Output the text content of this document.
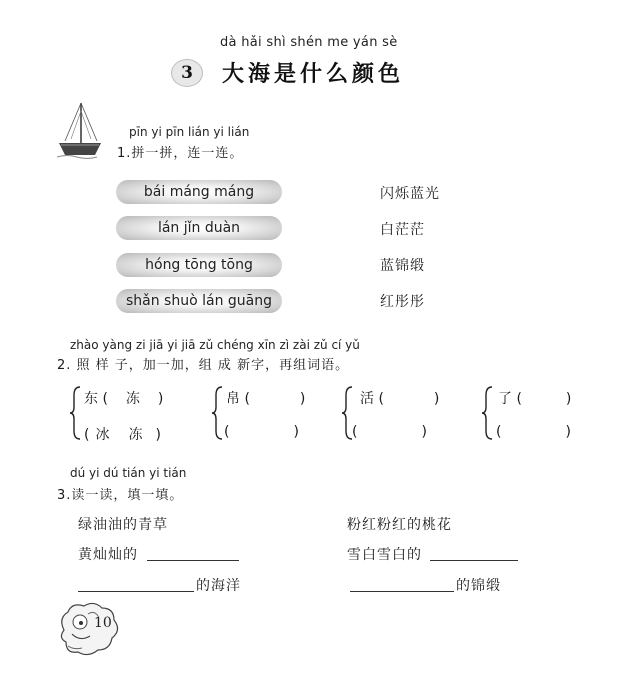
dà hǎi shì shén me yán sè
3	大海是什么颜色
pīn yi pīn lián yi lián
1.拼一拼，连一连。
bái máng máng
lán jǐn duàn
hóng tōng tōng
shǎn shuò lán guāng
闪烁蓝光
白茫茫
蓝锦缎
红彤彤
zhào yàng zi jiā yi jiā zǔ chéng xīn zì zài zǔ cí yǔ
2. 照 样 子，加一加，组 成 新字，再组词语。
东 ( 冻 )
( 冰 冻 )
帛 (	)
(	)
活 (	)
(	)
了 (	)
(	)
dú yi dú tián yi tián
3.读一读，填一填。
绿油油的青草	粉红粉红的桃花
黄灿灿的	雪白雪白的
的海洋	的锦缎
10
